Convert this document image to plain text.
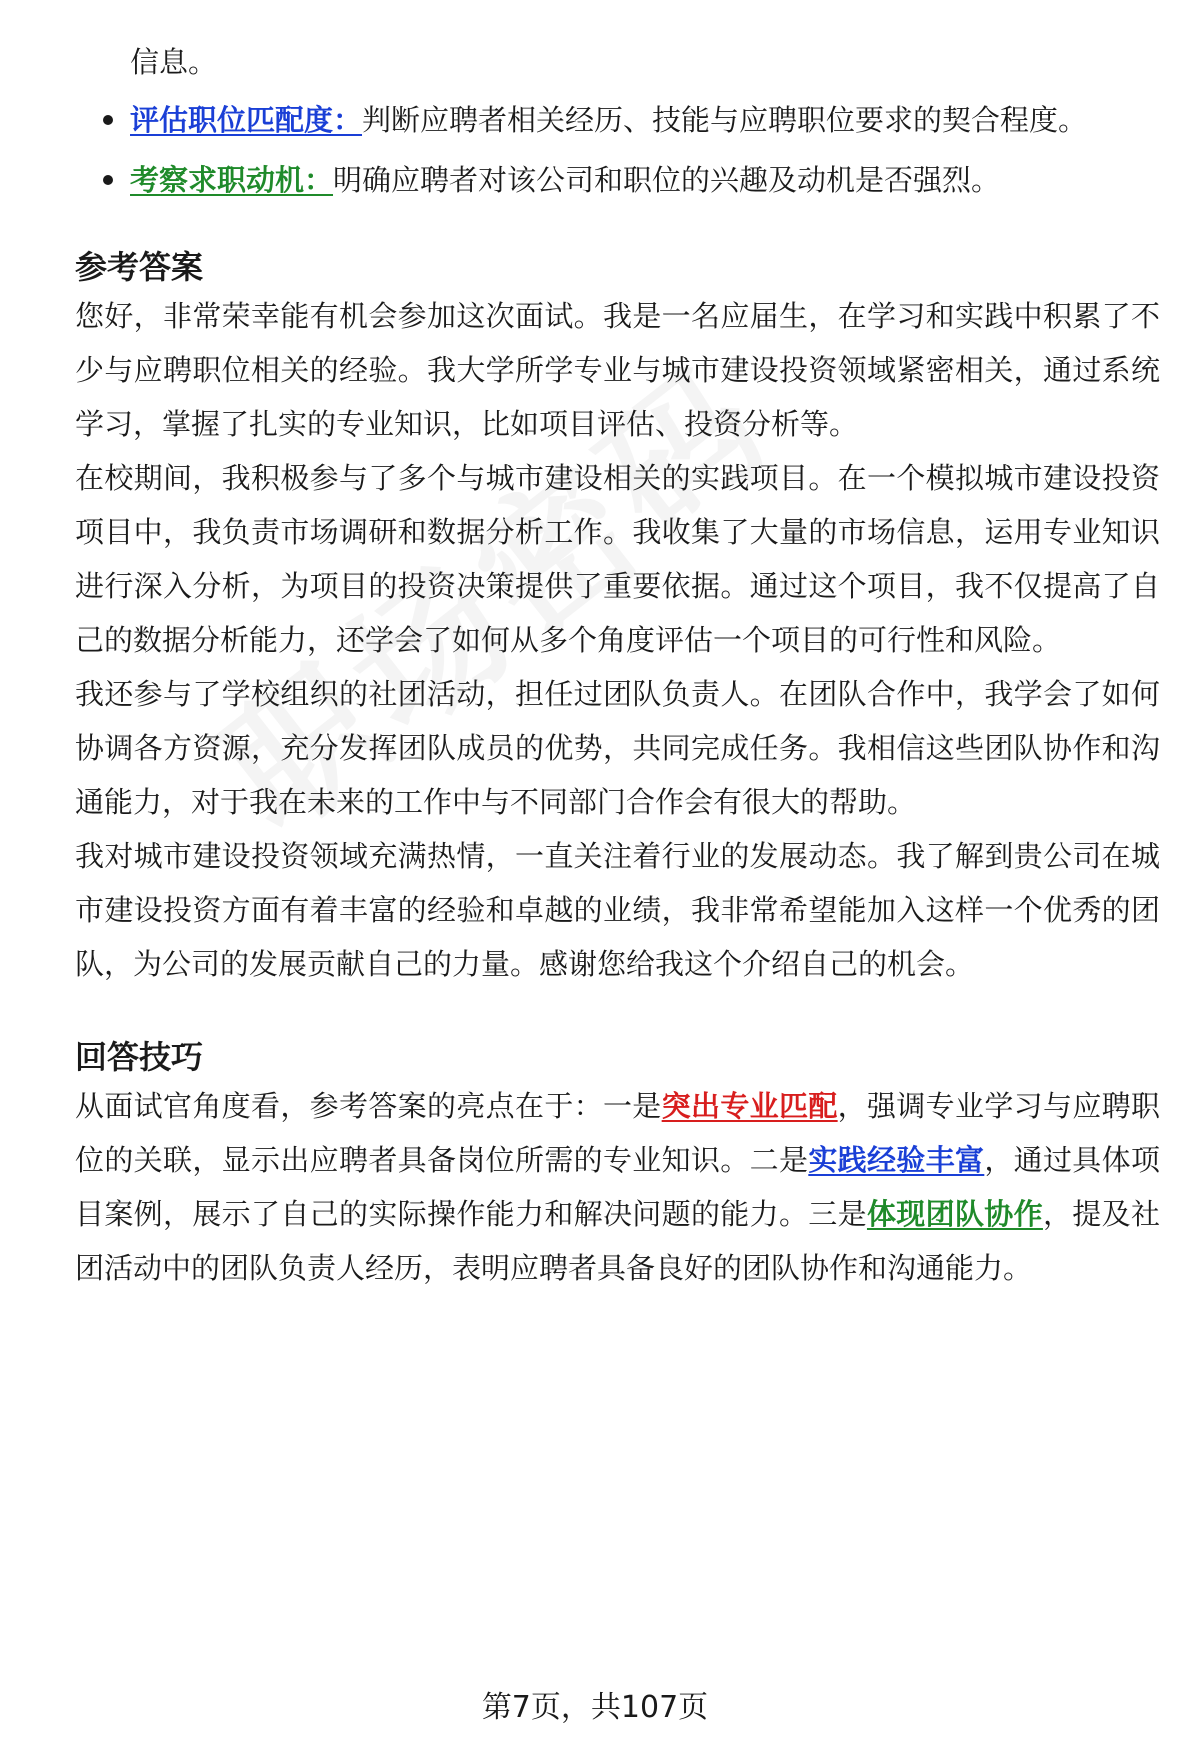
信息。
评估职位匹配度：判断应聘者相关经历、技能与应聘职位要求的契合程度。
考察求职动机：明确应聘者对该公司和职位的兴趣及动机是否强烈。
参考答案

您好，非常荣幸能有机会参加这次面试。我是一名应届生，在学习和实践中积累了不少与应聘职位相关的经验。我大学所学专业与城市建设投资领域紧密相关，通过系统学习，掌握了扎实的专业知识，比如项目评估、投资分析等。

在校期间，我积极参与了多个与城市建设相关的实践项目。在一个模拟城市建设投资项目中，我负责市场调研和数据分析工作。我收集了大量的市场信息，运用专业知识进行深入分析，为项目的投资决策提供了重要依据。通过这个项目，我不仅提高了自己的数据分析能力，还学会了如何从多个角度评估一个项目的可行性和风险。

我还参与了学校组织的社团活动，担任过团队负责人。在团队合作中，我学会了如何协调各方资源，充分发挥团队成员的优势，共同完成任务。我相信这些团队协作和沟通能力，对于我在未来的工作中与不同部门合作会有很大的帮助。

我对城市建设投资领域充满热情，一直关注着行业的发展动态。我了解到贵公司在城市建设投资方面有着丰富的经验和卓越的业绩，我非常希望能加入这样一个优秀的团队，为公司的发展贡献自己的力量。感谢您给我这个介绍自己的机会。

回答技巧

从面试官角度看，参考答案的亮点在于：一是突出专业匹配，强调专业学习与应聘职位的关联，显示出应聘者具备岗位所需的专业知识。二是实践经验丰富，通过具体项目案例，展示了自己的实际操作能力和解决问题的能力。三是体现团队协作，提及社团活动中的团队负责人经历，表明应聘者具备良好的团队协作和沟通能力。

第7页，共107页
